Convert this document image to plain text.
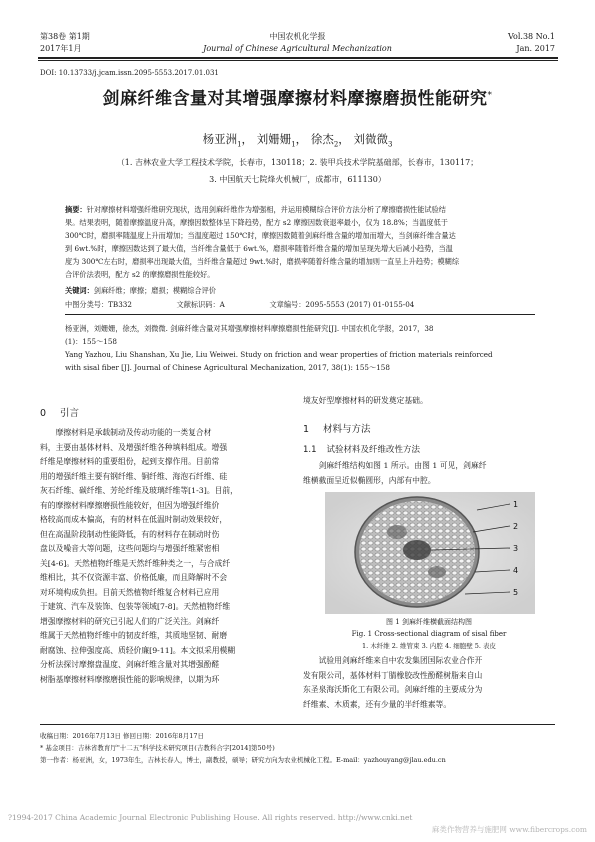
第38卷 第1期
2017年1月
中国农机化学报
Journal of Chinese Agricultural Mechanization
Vol.38 No.1
Jan. 2017
DOI: 10.13733/j.jcam.issn.2095-5553.2017.01.031
剑麻纤维含量对其增强摩擦材料摩擦磨损性能研究*
杨亚洲$_1$， 刘姗姗$_1$， 徐杰$_2$， 刘微微$_3$
（1. 吉林农业大学工程技术学院，长春市，130118；2. 装甲兵技术学院基础部，长春市，130117；
3. 中国航天七院烽火机械厂，成都市，611130）
摘要：针对摩擦材料增强纤维研究现状，选用剑麻纤维作为增强相，并运用模糊综合评价方法分析了摩擦磨损性能试验结
果。结果表明，随着摩擦温度升高，摩擦因数整体呈下降趋势，配方 s2 摩擦因数衰退率最小，仅为 18.8%；当温度低于
300℃时，磨损率随温度上升而增加；当温度超过 150℃时，摩擦因数随着剑麻纤维含量的增加而增大，当剑麻纤维含量达
到 6wt.%时，摩擦因数达到了最大值，当纤维含量低于 6wt.%，磨损率随着纤维含量的增加呈现先增大后减小趋势，当温
度为 300℃左右时，磨损率出现最大值，当纤维含量超过 9wt.%时，磨损率随着纤维含量的增加则一直呈上升趋势；模糊综
合评价法表明，配方 s2 的摩擦磨损性能较好。
关键词：剑麻纤维；摩擦；磨损；模糊综合评价
中图分类号：TB332	文献标识码：A	文章编号：2095-5553 (2017) 01-0155-04
杨亚洲，刘姗姗，徐杰，刘微微. 剑麻纤维含量对其增强摩擦材料摩擦磨损性能研究[J]. 中国农机化学报，2017，38
(1)：155～158
Yang Yazhou, Liu Shanshan, Xu Jie, Liu Weiwei. Study on friction and wear properties of friction materials reinforced
with sisal fiber [J]. Journal of Chinese Agricultural Mechanization, 2017, 38(1): 155～158
0 引言
摩擦材料是承载制动及传动功能的一类复合材
料，主要由基体材料、及增强纤维各种填料组成。增强
纤维是摩擦材料的重要组份，起到支撑作用。目前常
用的增强纤维主要有钢纤维、铜纤维、海泡石纤维、硅
灰石纤维、碳纤维、芳纶纤维及玻璃纤维等[1-3]。目前，
有的摩擦材料摩擦磨损性能较好，但因为增强纤维价
格较高而成本偏高，有的材料在低温时制动效果较好，
但在高温阶段制动性能降低，有的材料存在制动时伤
盘以及噪音大等问题，这些问题均与增强纤维紧密相
关[4-6]。天然植物纤维是天然纤维种类之一，与合成纤
维相比，其不仅资源丰富、价格低廉，而且降解时不会
对环境构成负担。目前天然植物纤维复合材料已应用
于建筑、汽车及装饰、包装等领域[7-8]。天然植物纤维
增强摩擦材料的研究已引起人们的广泛关注。剑麻纤
维属于天然植物纤维中的韧皮纤维，其质地坚韧、耐磨
耐腐蚀、拉伸强度高、质轻价廉[9-11]。本文拟采用模糊
分析法探讨摩擦盘温度、剑麻纤维含量对其增强酚醛
树脂基摩擦材料摩擦磨损性能的影响规律，以期为环
境友好型摩擦材料的研发奠定基础。
1 材料与方法
1.1 试验材料及纤维改性方法
剑麻纤维结构如图 1 所示。由图 1 可见，剑麻纤
维横截面呈近似椭圆形，内部有中腔。
1
2
3
4
5
图 1 剑麻纤维横截面结构图
Fig. 1 Cross-sectional diagram of sisal fiber
1. 木纤维 2. 维管束 3. 内腔 4. 细胞壁 5. 表皮
试验用剑麻纤维来自中农发集团国际农业合作开
发有限公司，基体材料丁腈橡胶改性酚醛树脂来自山
东圣泉海沃斯化工有限公司。剑麻纤维的主要成分为
纤维素、木质素，还有少量的半纤维素等。
收稿日期：2016年7月13日 修回日期：2016年8月17日
* 基金项目：吉林省教育厅"十二五"科学技术研究项目(吉教科合字[2014]第50号)
第一作者：杨亚洲，女，1973年生，吉林长春人，博士，副教授，硕导；研究方向为农业机械化工程。E-mail：yazhouyang@jlau.edu.cn
?1994-2017 China Academic Journal Electronic Publishing House. All rights reserved. http://www.cnki.net
麻类作物营养与施肥网 www.fibercrops.com
